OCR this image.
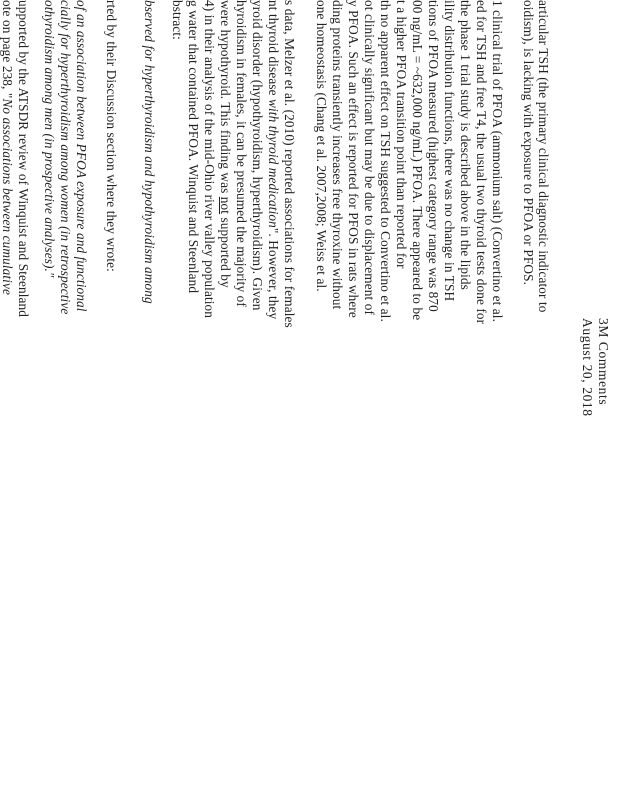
3M Comments
August 20, 2018
articular TSH (the primary clinical diagnostic indicator to
oidism), is lacking with exposure to PFOA or PFOS.
1 clinical trial of PFOA (ammonium salt) (Convertino et al.
ed for TSH and free T4, the usual two thyroid tests done for
the phase 1 trial study is described above in the lipids
ility distribution functions, there was no change in TSH
tions of PFOA measured (highest category range was 870
00 ng/mL = ~632,000 ng/mL) PFOA. There appeared to be
t a higher PFOA transition point than reported for
th no apparent effect on TSH suggested to Convertino et al.
ot clinically significant but may be due to displacement of
y PFOA. Such an effect is reported for PFOS in rats where
ding proteins transiently increases free thyroxine without
one homeostasis (Chang et al. 2007,2008; Weiss et al.
s data, Melzer et al. (2010) reported associations for females
nt thyroid disease with thyroid medication". However, they
yroid disorder (hypothyroidism, hyperthyroidism). Given
hyroidism in females, it can be presumed the majority of
were hypothyroid. This finding was not supported by
4) in their analysis of the mid-Ohio river valley population
g water that contained PFOA. Winquist and Steenland
bstract:
bserved for hyperthyroidism and hypothyroidism among
rted by their Discussion section where they wrote:
of an association between PFOA exposure and functional
cially for hyperthyroidism among women (in retrospective
othyroidism among men (in prospective analyses)."
upported by the ATSDR review of Winquist and Steenland
ote on page 238, "No associations between cumulative
